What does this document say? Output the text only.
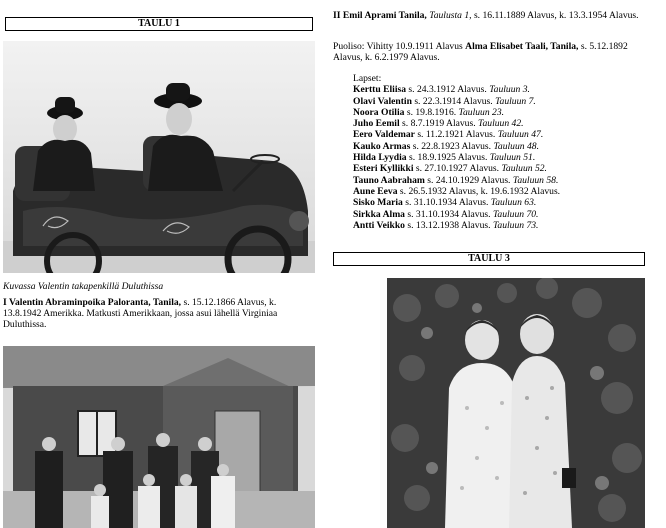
TAULU 1
Kuvassa Valentin takapenkillä Duluthissa
I Valentin Abraminpoika Paloranta, Tanila, s. 15.12.1866 Alavus, k. 13.8.1942 Amerikka. Matkusti Amerikkaan, jossa asui lähellä Virginiaa Duluthissa.
II Emil Aprami Tanila, Taulusta 1, s. 16.11.1889 Alavus, k. 13.3.1954 Alavus.
Puoliso: Vihitty 10.9.1911 Alavus Alma Elisabet Taali, Tanila, s. 5.12.1892 Alavus, k. 6.2.1979 Alavus.
Lapset:
Kerttu Eliisa s. 24.3.1912 Alavus. Tauluun 3.
Olavi Valentin s. 22.3.1914 Alavus. Tauluun 7.
Noora Otilia s. 19.8.1916. Tauluun 23.
Juho Eemil s. 8.7.1919 Alavus. Tauluun 42.
Eero Valdemar s. 11.2.1921 Alavus. Tauluun 47.
Kauko Armas s. 22.8.1923 Alavus. Tauluun 48.
Hilda Lyydia s. 18.9.1925 Alavus. Tauluun 51.
Esteri Kyllikki s. 27.10.1927 Alavus. Tauluun 52.
Tauno Aabraham s. 24.10.1929 Alavus. Tauluun 58.
Aune Eeva s. 26.5.1932 Alavus, k. 19.6.1932 Alavus.
Sisko Maria s. 31.10.1934 Alavus. Tauluun 63.
Sirkka Alma s. 31.10.1934 Alavus. Tauluun 70.
Antti Veikko s. 13.12.1938 Alavus. Tauluun 73.
TAULU 3
